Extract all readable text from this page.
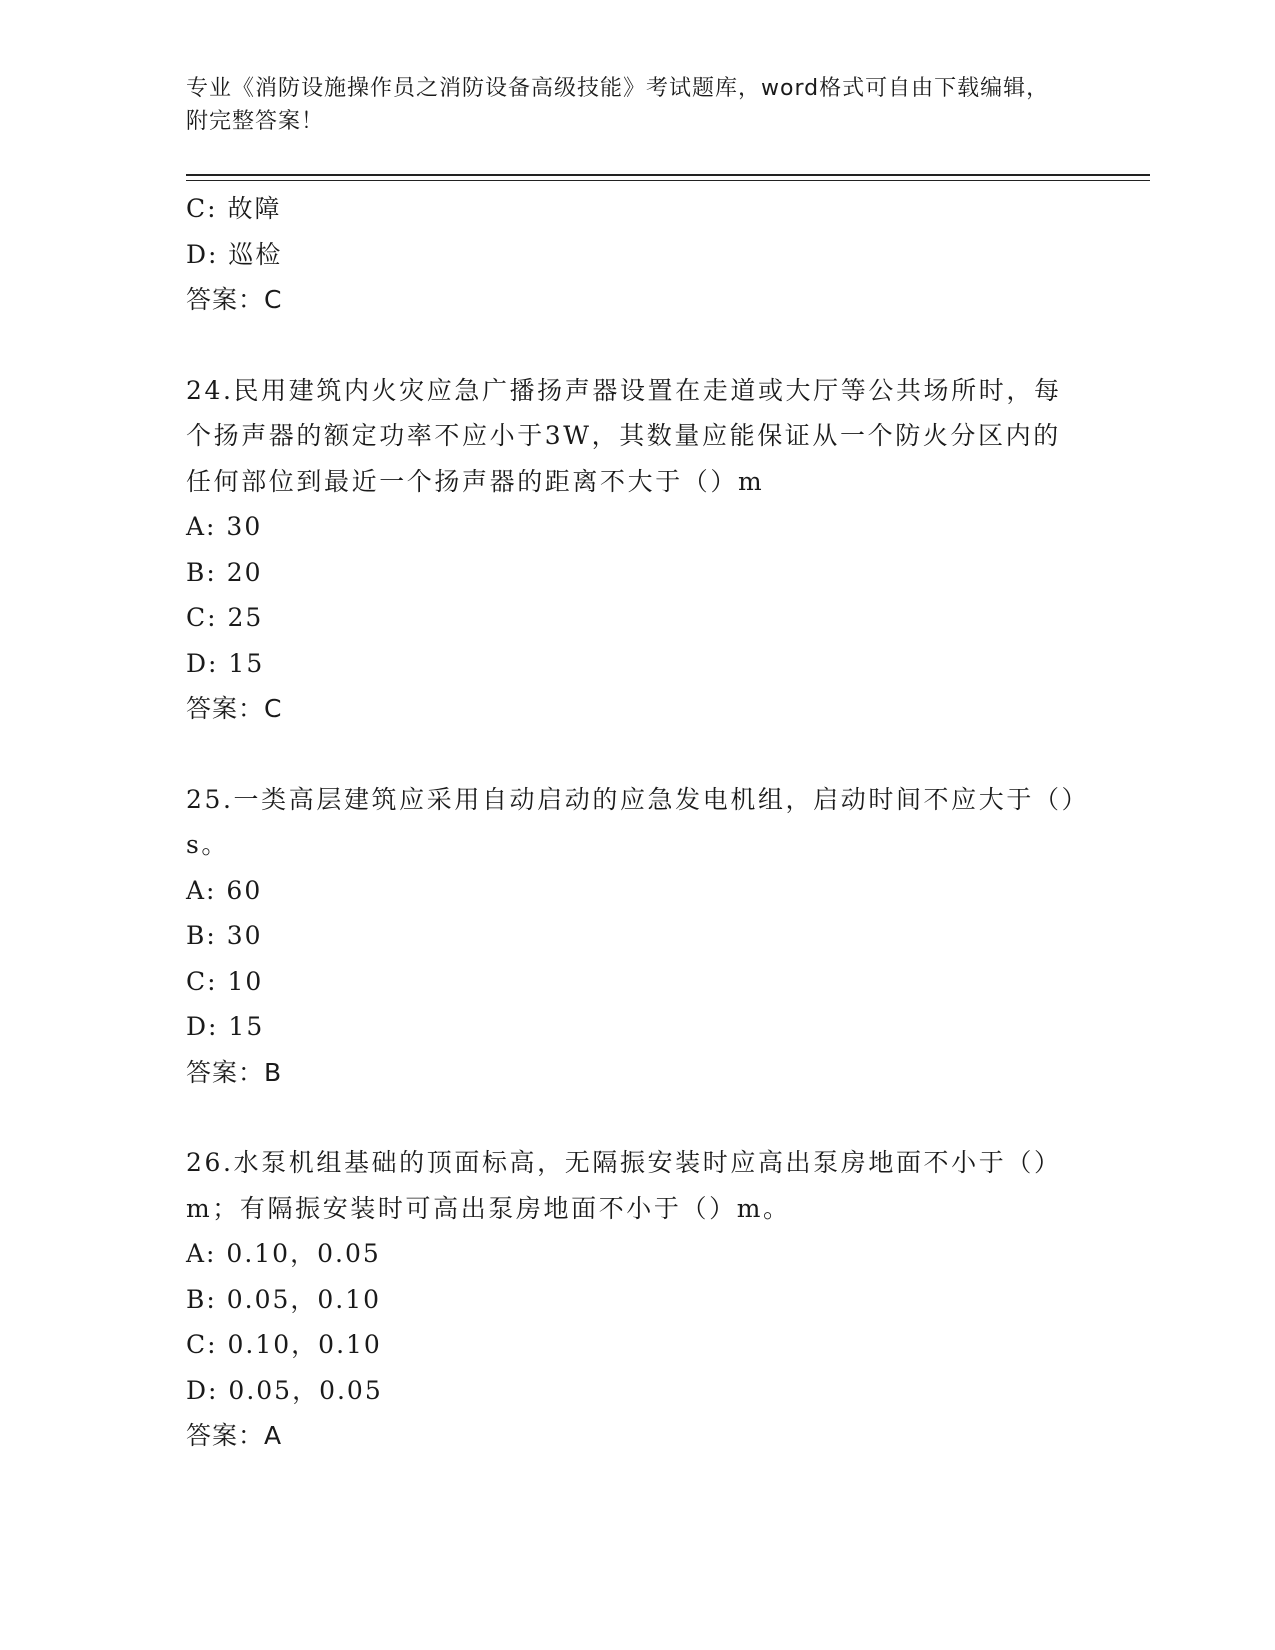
专业《消防设施操作员之消防设备高级技能》考试题库，word格式可自由下载编辑，附完整答案！
C: 故障
D: 巡检
答案：C
24.民用建筑内火灾应急广播扬声器设置在走道或大厅等公共场所时，每个扬声器的额定功率不应小于3W，其数量应能保证从一个防火分区内的任何部位到最近一个扬声器的距离不大于（）m
A: 30
B: 20
C: 25
D: 15
答案：C
25.一类高层建筑应采用自动启动的应急发电机组，启动时间不应大于（）s。
A: 60
B: 30
C: 10
D: 15
答案：B
26.水泵机组基础的顶面标高，无隔振安装时应高出泵房地面不小于（）m；有隔振安装时可高出泵房地面不小于（）m。
A: 0.10，0.05
B: 0.05，0.10
C: 0.10，0.10
D: 0.05，0.05
答案：A
